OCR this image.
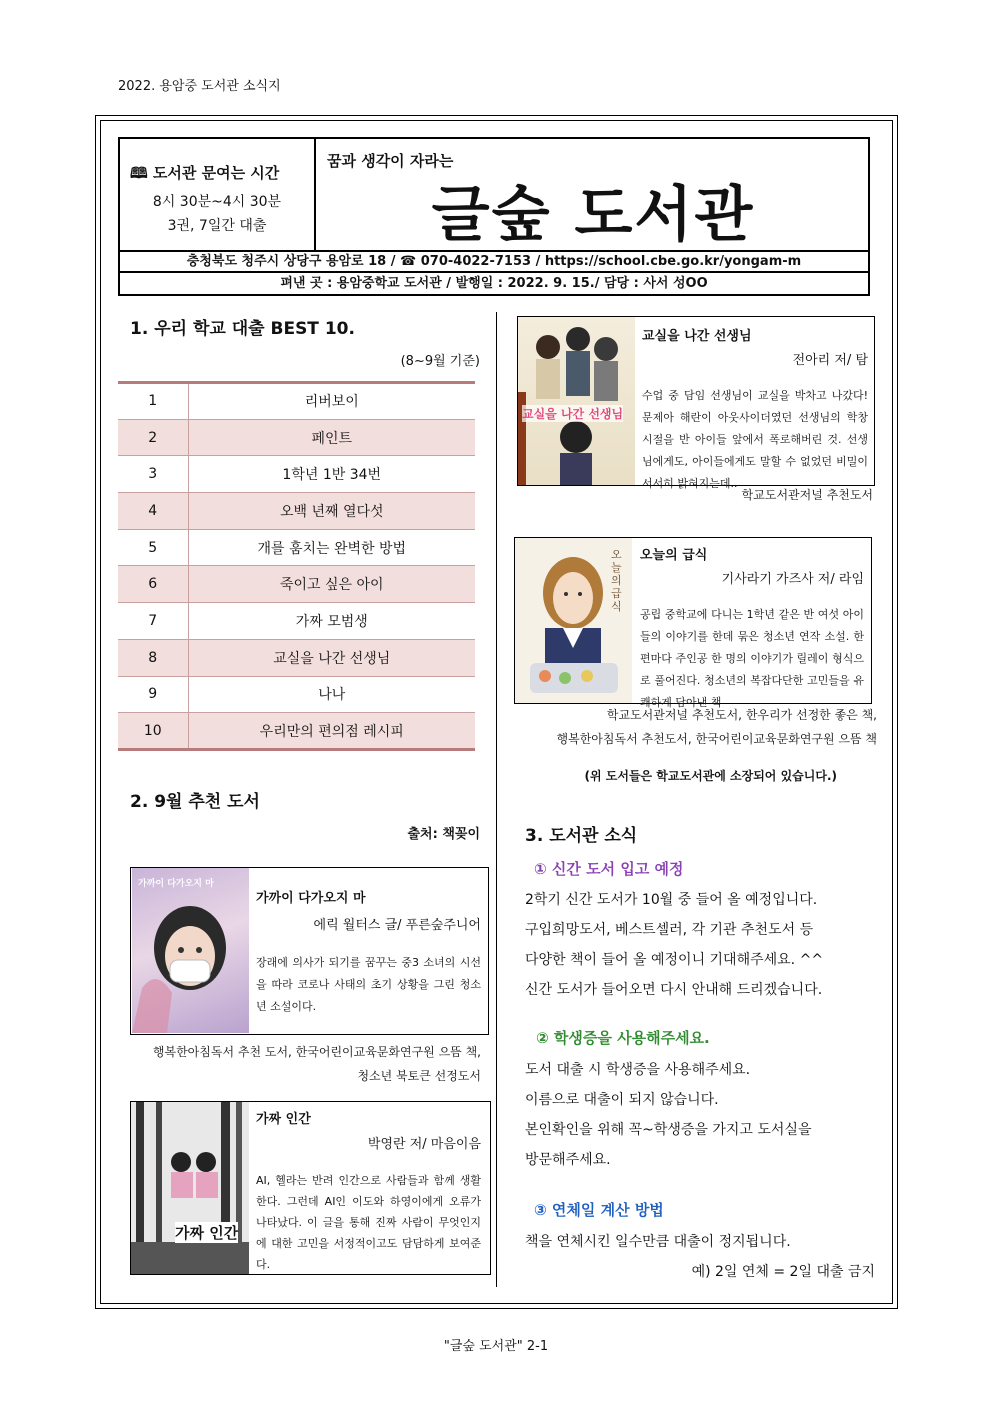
2022. 용암중 도서관 소식지
🕮 도서관 문여는 시간
8시 30분~4시 30분
3권, 7일간 대출
꿈과 생각이 자라는
글숲 도서관
충청북도 청주시 상당구 용암로 18 / ☎ 070-4022-7153 / https://school.cbe.go.kr/yongam-m
펴낸 곳 : 용암중학교 도서관 / 발행일 : 2022. 9. 15./ 담당 : 사서 성OO
1. 우리 학교 대출 BEST 10.
(8~9월 기준)
1	리버보이
2	페인트
3	1학년 1반 34번
4	오백 년째 열다섯
5	개를 훔치는 완벽한 방법
6	죽이고 싶은 아이
7	가짜 모범생
8	교실을 나간 선생님
9	나나
10	우리만의 편의점 레시피
2. 9월 추천 도서
출처: 책꽂이
가까이 다가오지 마
가까이 다가오지 마
에릭 월터스 글/ 푸른숲주니어
장래에 의사가 되기를 꿈꾸는 중3 소녀의 시선을 따라 코로나 사태의 초기 상황을 그린 청소년 소설이다.
행복한아침독서 추천 도서, 한국어린이교육문화연구원 으뜸 책,
청소년 북토큰 선정도서
가짜 인간
가짜 인간
박영란 저/ 마음이음
AI, 헬라는 반려 인간으로 사람들과 함께 생활한다. 그런데 AI인 이도와 하영이에게 오류가 나타났다. 이 글을 통해 진짜 사람이 무엇인지에 대한 고민을 서정적이고도 담담하게 보여준다.
교실을 나간 선생님
교실을 나간 선생님
전아리 저/ 탐
수업 중 담임 선생님이 교실을 박차고 나갔다! 문제아 해란이 아웃사이더였던 선생님의 학창 시절을 반 아이들 앞에서 폭로해버린 것. 선생님에게도, 아이들에게도 말할 수 없었던 비밀이 서서히 밝혀지는데..
학교도서관저널 추천도서
오늘의 급식
오늘의 급식
기사라기 가즈사 저/ 라임
공립 중학교에 다니는 1학년 같은 반 여섯 아이들의 이야기를 한데 묶은 청소년 연작 소설. 한 편마다 주인공 한 명의 이야기가 릴레이 형식으로 풀어진다. 청소년의 복잡다단한 고민들을 유쾌하게 담아낸 책
학교도서관저널 추천도서, 한우리가 선정한 좋은 책,
행복한아침독서 추천도서, 한국어린이교육문화연구원 으뜸 책
(위 도서들은 학교도서관에 소장되어 있습니다.)
3. 도서관 소식
① 신간 도서 입고 예정
2학기 신간 도서가 10월 중 들어 올 예정입니다.
구입희망도서, 베스트셀러, 각 기관 추천도서 등
다양한 책이 들어 올 예정이니 기대해주세요. ^^
신간 도서가 들어오면 다시 안내해 드리겠습니다.
② 학생증을 사용해주세요.
도서 대출 시 학생증을 사용해주세요.
이름으로 대출이 되지 않습니다.
본인확인을 위해 꼭~학생증을 가지고 도서실을
방문해주세요.
③ 연체일 계산 방법
책을 연체시킨 일수만큼 대출이 정지됩니다.
예) 2일 연체 = 2일 대출 금지
"글숲 도서관" 2-1
